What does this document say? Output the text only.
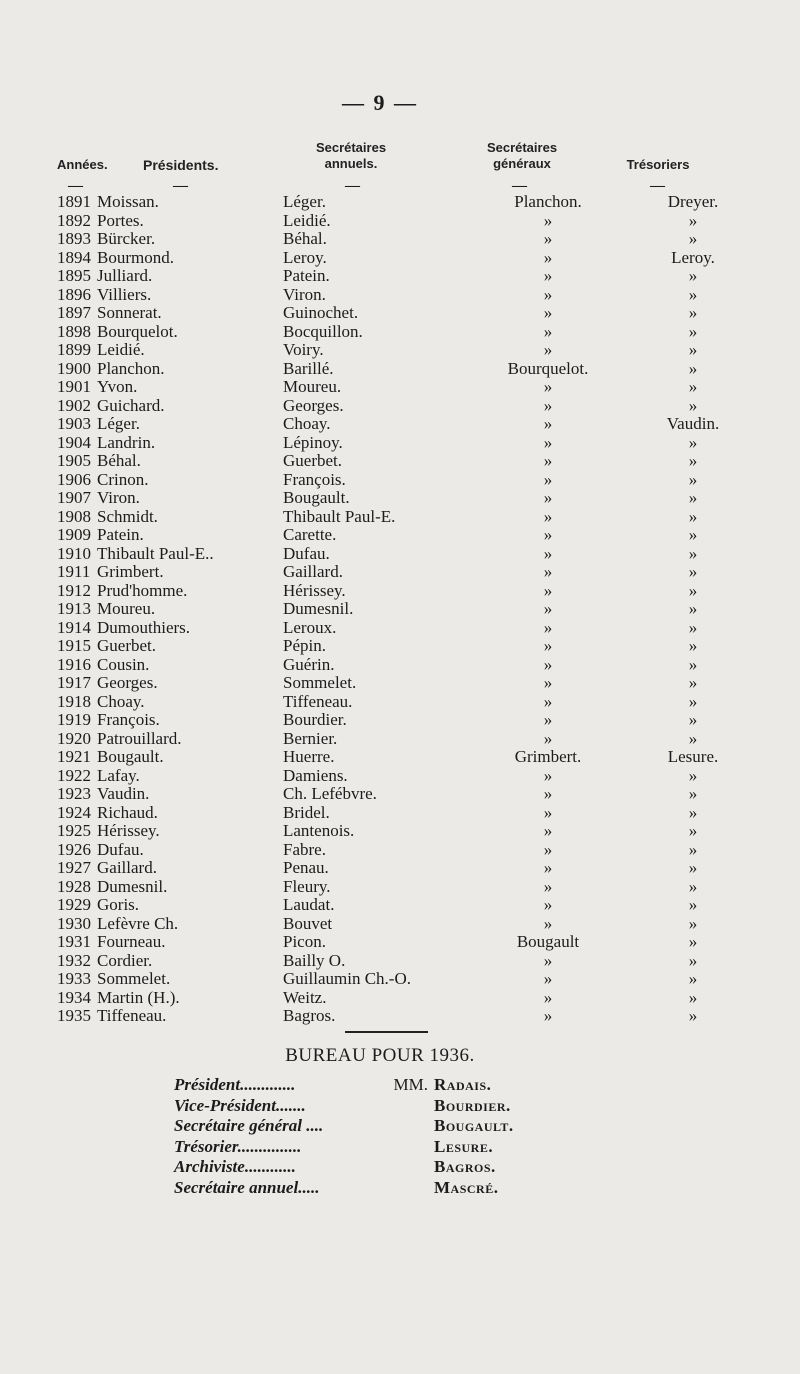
— 9 —
Années.	Présidents.
Secrétaires
annuels.
Secrétaires
généraux	Trésoriers
—	—	—	—	—
1891	Moissan.	Léger.	Planchon.	Dreyer.
1892	Portes.	Leidié.	»	»
1893	Bürcker.	Béhal.	»	»
1894	Bourmond.	Leroy.	»	Leroy.
1895	Julliard.	Patein.	»	»
1896	Villiers.	Viron.	»	»
1897	Sonnerat.	Guinochet.	»	»
1898	Bourquelot.	Bocquillon.	»	»
1899	Leidié.	Voiry.	»	»
1900	Planchon.	Barillé.	Bourquelot.	»
1901	Yvon.	Moureu.	»	»
1902	Guichard.	Georges.	»	»
1903	Léger.	Choay.	»	Vaudin.
1904	Landrin.	Lépinoy.	»	»
1905	Béhal.	Guerbet.	»	»
1906	Crinon.	François.	»	»
1907	Viron.	Bougault.	»	»
1908	Schmidt.	Thibault Paul-E.	»	»
1909	Patein.	Carette.	»	»
1910	Thibault Paul-E..	Dufau.	»	»
1911	Grimbert.	Gaillard.	»	»
1912	Prud'homme.	Hérissey.	»	»
1913	Moureu.	Dumesnil.	»	»
1914	Dumouthiers.	Leroux.	»	»
1915	Guerbet.	Pépin.	»	»
1916	Cousin.	Guérin.	»	»
1917	Georges.	Sommelet.	»	»
1918	Choay.	Tiffeneau.	»	»
1919	François.	Bourdier.	»	»
1920	Patrouillard.	Bernier.	»	»
1921	Bougault.	Huerre.	Grimbert.	Lesure.
1922	Lafay.	Damiens.	»	»
1923	Vaudin.	Ch. Lefébvre.	»	»
1924	Richaud.	Bridel.	»	»
1925	Hérissey.	Lantenois.	»	»
1926	Dufau.	Fabre.	»	»
1927	Gaillard.	Penau.	»	»
1928	Dumesnil.	Fleury.	»	»
1929	Goris.	Laudat.	»	»
1930	Lefèvre Ch.	Bouvet	»	»
1931	Fourneau.	Picon.	Bougault	»
1932	Cordier.	Bailly O.	»	»
1933	Sommelet.	Guillaumin Ch.-O.	»	»
1934	Martin (H.).	Weitz.	»	»
1935	Tiffeneau.	Bagros.	»	»
BUREAU POUR 1936.
Président.............	MM.	Radais.
Vice-Président.......		Bourdier.
Secrétaire général ....		Bougault.
Trésorier...............		Lesure.
Archiviste............		Bagros.
Secrétaire annuel.....		Mascré.
